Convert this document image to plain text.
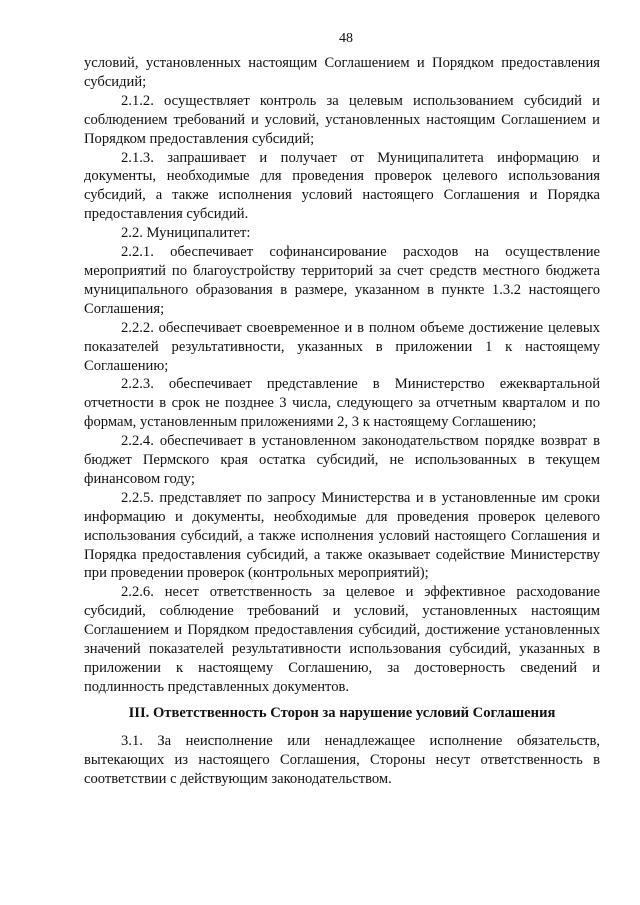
48

условий, установленных настоящим Соглашением и Порядком предоставления субсидий;

2.1.2. осуществляет контроль за целевым использованием субсидий и соблюдением требований и условий, установленных настоящим Соглашением и Порядком предоставления субсидий;

2.1.3. запрашивает и получает от Муниципалитета информацию и документы, необходимые для проведения проверок целевого использования субсидий, а также исполнения условий настоящего Соглашения и Порядка предоставления субсидий.

2.2. Муниципалитет:

2.2.1. обеспечивает софинансирование расходов на осуществление мероприятий по благоустройству территорий за счет средств местного бюджета муниципального образования в размере, указанном в пункте 1.3.2 настоящего Соглашения;

2.2.2. обеспечивает своевременное и в полном объеме достижение целевых показателей результативности, указанных в приложении 1 к настоящему Соглашению;

2.2.3. обеспечивает представление в Министерство ежеквартальной отчетности в срок не позднее 3 числа, следующего за отчетным кварталом и по формам, установленным приложениями 2, 3 к настоящему Соглашению;

2.2.4. обеспечивает в установленном законодательством порядке возврат в бюджет Пермского края остатка субсидий, не использованных в текущем финансовом году;

2.2.5. представляет по запросу Министерства и в установленные им сроки информацию и документы, необходимые для проведения проверок целевого использования субсидий, а также исполнения условий настоящего Соглашения и Порядка предоставления субсидий, а также оказывает содействие Министерству при проведении проверок (контрольных мероприятий);

2.2.6. несет ответственность за целевое и эффективное расходование субсидий, соблюдение требований и условий, установленных настоящим Соглашением и Порядком предоставления субсидий, достижение установленных значений показателей результативности использования субсидий, указанных в приложении к настоящему Соглашению, за достоверность сведений и подлинность представленных документов.

III. Ответственность Сторон за нарушение условий Соглашения

3.1. За неисполнение или ненадлежащее исполнение обязательств, вытекающих из настоящего Соглашения, Стороны несут ответственность в соответствии с действующим законодательством.
